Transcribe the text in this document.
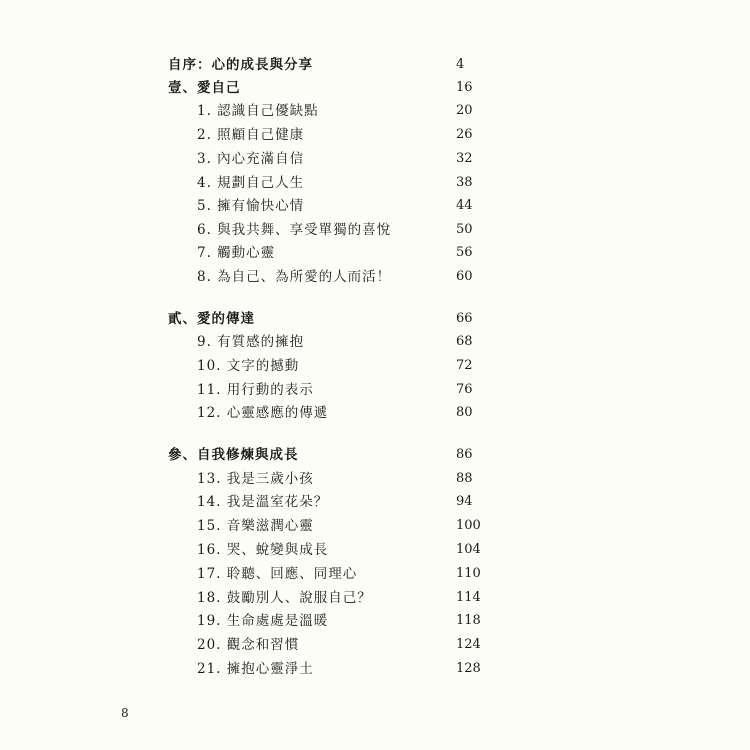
自序：心的成長與分享	4
壹、愛自己	16
1. 認識自己優缺點	20
2. 照顧自己健康	26
3. 內心充滿自信	32
4. 規劃自己人生	38
5. 擁有愉快心情	44
6. 與我共舞、享受單獨的喜悅	50
7. 觸動心靈	56
8. 為自己、為所愛的人而活！	60
貳、愛的傳達	66
9. 有質感的擁抱	68
10. 文字的撼動	72
11. 用行動的表示	76
12. 心靈感應的傳遞	80
參、自我修煉與成長	86
13. 我是三歲小孩	88
14. 我是溫室花朵？	94
15. 音樂滋潤心靈	100
16. 哭、蛻變與成長	104
17. 聆聽、回應、同理心	110
18. 鼓勵別人、說服自己？	114
19. 生命處處是溫暖	118
20. 觀念和習慣	124
21. 擁抱心靈淨土	128
8
